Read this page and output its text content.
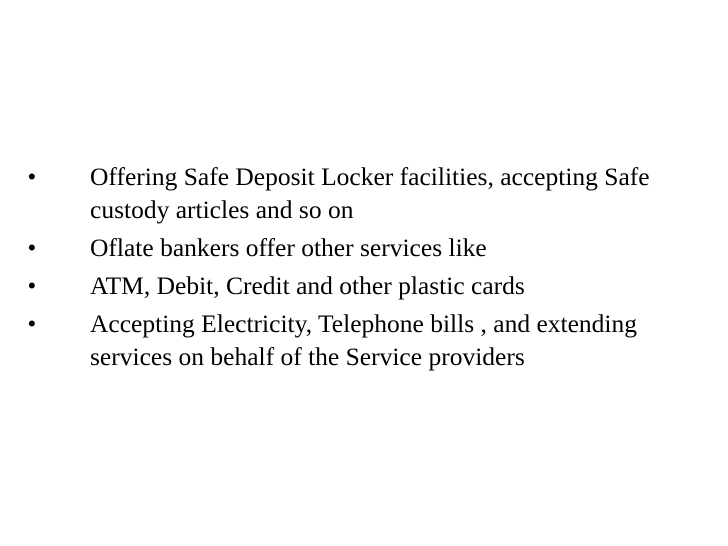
•	Offering Safe Deposit Locker facilities, accepting Safe custody articles and so on
•	Oflate bankers offer other services like
•	ATM, Debit, Credit and other plastic cards
•	Accepting Electricity, Telephone bills , and extending services on behalf of the Service providers
